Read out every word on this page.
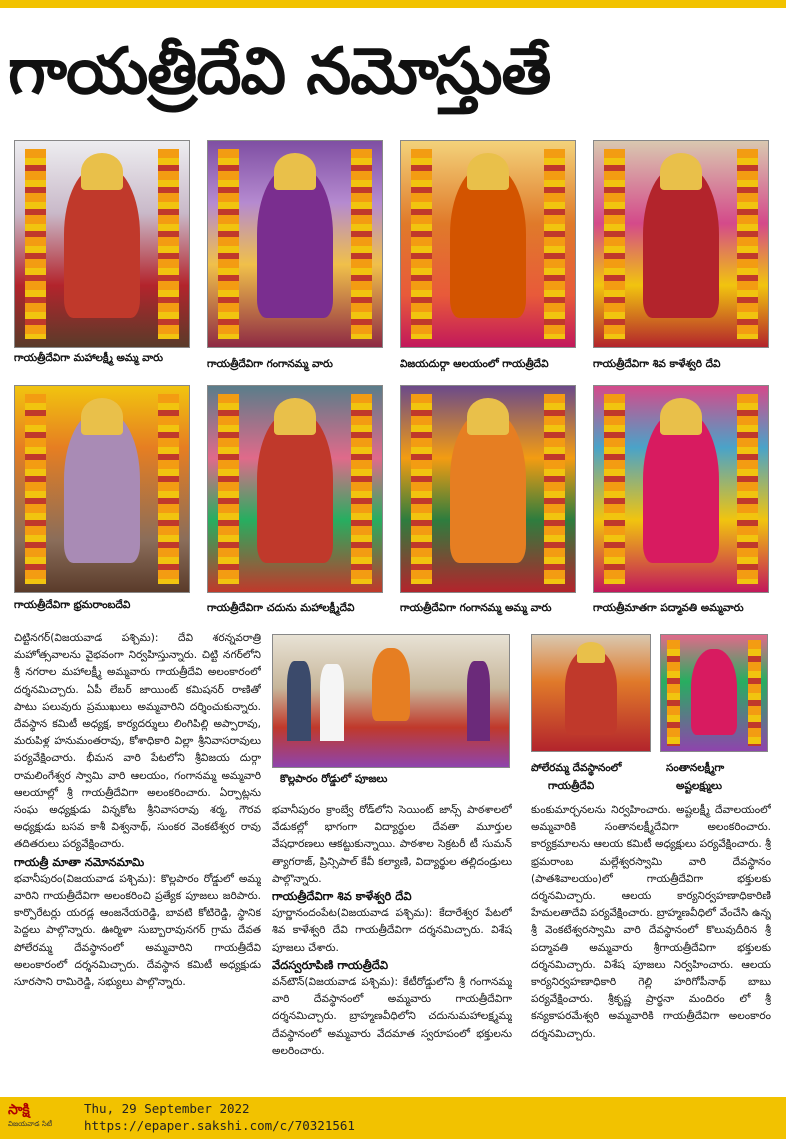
గాయత్రీదేవి నమోస్తుతే
గాయత్రీదేవిగా మహాలక్ష్మీ అమ్మ వారు	గాయత్రీదేవిగా గంగానమ్మ వారు	విజయదుర్గా ఆలయంలో గాయత్రీదేవి	గాయత్రీదేవిగా శివ కాళేశ్వరి దేవి
గాయత్రీదేవిగా భ్రమరాంబదేవి	గాయత్రీదేవిగా చదును మహాలక్ష్మీదేవి	గాయత్రీదేవిగా గంగానమ్మ అమ్మ వారు	గాయత్రీమాతగా పద్మావతి అమ్మవారు
కొల్లపారం రోడ్డులో పూజలు
పోలేరమ్మ దేవస్థానంలో
గాయత్రీదేవి
సంతానలక్ష్మీగా
అష్టలక్ష్ములు

చిట్టినగర్(విజయవాడ పశ్చిమ): దేవి శరన్నవరాత్రి మహోత్సవాలను వైభవంగా నిర్వహిస్తున్నారు. చిట్టి నగర్‌లోని శ్రీ నగరాల మహాలక్ష్మీ అమ్మవారు గాయత్రీదేవి అలంకారంలో దర్శనమిచ్చారు. ఏపీ లేబర్ జాయింట్ కమిషనర్ రాణితో పాటు పలువురు ప్రముఖులు అమ్మవారిని దర్శించుకున్నారు. దేవస్థాన కమిటీ అధ్యక్ష, కార్యదర్శులు లింగిపిల్లి అప్పారావు, మరుపిళ్ల హనుమంతరావు, కోశాధికారి విల్లా శ్రీనివాసరావులు పర్యవేక్షించారు. భీమన వారి పేటలోని శ్రీవిజయ దుర్గా రామలింగేశ్వర స్వామి వారి ఆలయం, గంగానమ్మ అమ్మవారి ఆలయాల్లో శ్రీ గాయత్రీదేవిగా అలంకరించారు. ఏర్పాట్లను సంఘ అధ్యక్షుడు విన్నకోట శ్రీనివాసరావు శర్మ, గౌరవ అధ్యక్షుడు బసవ కాశీ విశ్వనాథ్, సుంకర వెంకటేశ్వర రావు తదితరులు పర్యవేక్షించారు.

గాయత్రీ మాతా నమోనమామి

భవానీపురం(విజయవాడ పశ్చిమ): కొల్లపారం రోడ్డులో అమ్మ వారిని గాయత్రీదేవిగా అలంకరించి ప్రత్యేక పూజలు జరిపారు. కార్పొరేటర్లు యరడ్ల ఆంజనేయరెడ్డి, బావటి కోటిరెడ్డి, స్థానిక పెద్దలు పాల్గొన్నారు. ఊర్మిళా సుబ్బారావునగర్ గ్రామ దేవత పోలేరమ్మ దేవస్థానంలో అమ్మవారిని గాయత్రీదేవి అలంకారంలో దర్శనమిచ్చారు. దేవస్థాన కమిటీ అధ్యక్షుడు సూరసాని రామిరెడ్డి, సభ్యులు పాల్గొన్నారు.

భవానీపురం క్రాంబ్వే రోడ్‌లోని సెయింట్ జాన్స్ పాఠశాలలో వేడుకల్లో భాగంగా విద్యార్థుల దేవతా మూర్తుల వేషధారణలు ఆకట్టుకున్నాయి. పాఠశాల సెక్రటరీ టీ సుమన్ త్యాగరాజ్, ప్రిన్సిపాల్ కేవీ కల్యాణి, విద్యార్థుల తల్లిదండ్రులు పాల్గొన్నారు.

గాయత్రీదేవిగా శివ కాళేశ్వరి దేవి

పూర్ణానందంపేట(విజయవాడ పశ్చిమ): కేదారేశ్వర పేటలో శివ కాళేశ్వరి దేవి గాయత్రీదేవిగా దర్శనమిచ్చారు. విశేష పూజలు చేశారు.

వేదస్వరూపిణి గాయత్రీదేవి

వన్‌టౌన్(విజయవాడ పశ్చిమ): కేటీరోడ్డులోని శ్రీ గంగానమ్మ వారి దేవస్థానంలో అమ్మవారు గాయత్రీదేవిగా దర్శనమిచ్చారు. బ్రాహ్మణవీధిలోని చదునుమహాలక్ష్మమ్మ దేవస్థానంలో అమ్మవారు వేదమాత స్వరూపంలో భక్తులను అలరించారు.

కుంకుమార్చనలను నిర్వహించారు. అష్టలక్ష్మీ దేవాలయంలో అమ్మవారికి సంతానలక్ష్మీదేవిగా అలంకరించారు. కార్యక్రమాలను ఆలయ కమిటీ అధ్యక్షులు పర్యవేక్షించారు. శ్రీ భ్రమరాంబ మల్లేశ్వరస్వామి వారి దేవస్థానం (పాతశివాలయం)లో గాయత్రీదేవిగా భక్తులకు దర్శనమిచ్చారు. ఆలయ కార్యనిర్వహణాధికారిణి హేమలతాదేవి పర్యవేక్షించారు. బ్రాహ్మణవీధిలో వేంచేసి ఉన్న శ్రీ వెంకటేశ్వరస్వామి వారి దేవస్థానంలో కొలువుదీరిన శ్రీ పద్మావతి అమ్మవారు శ్రీగాయత్రీదేవిగా భక్తులకు దర్శనమిచ్చారు. విశేష పూజలు నిర్వహించారు. ఆలయ కార్యనిర్వహణాధికారి గెల్లి హరిగోపీనాథ్ బాబు పర్యవేక్షించారు. శ్రీకృష్ణ ప్రార్థనా మందిరం లో శ్రీ కన్యకాపరమేశ్వరి అమ్మవారికి గాయత్రీదేవిగా అలంకారం దర్శనమిచ్చారు.

సాక్షి
విజయవాడ సిటీ
Thu, 29 September 2022
https://epaper.sakshi.com/c/70321561
